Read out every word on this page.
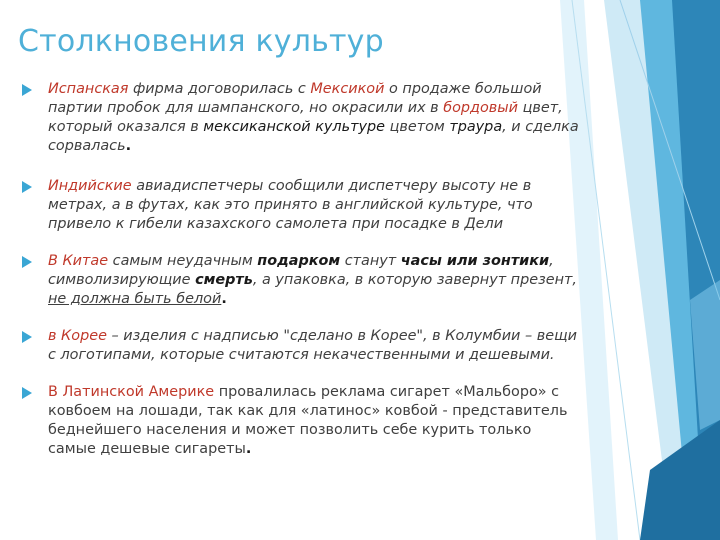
Столкновения культур
Испанская фирма договорилась с Мексикой о продаже большой партии пробок для шампанского, но окрасили их в бордовый цвет, который оказался в мексиканской культуре цветом траура, и сделка сорвалась.
Индийские авиадиспетчеры сообщили диспетчеру высоту не в метрах, а в футах, как это принято в английской культуре, что привело к гибели казахского самолета при посадке в Дели
В Китае самым неудачным подарком станут часы или зонтики, символизирующие смерть, а упаковка, в которую завернут презент, не должна быть белой.
в Корее – изделия с надписью "сделано в Корее", в Колумбии – вещи с логотипами, которые считаются некачественными и дешевыми.
В Латинской Америке провалилась реклама сигарет «Мальборо» с ковбоем на лошади, так как для «латинос» ковбой - представитель беднейшего населения и может позволить себе курить только самые дешевые сигареты.
